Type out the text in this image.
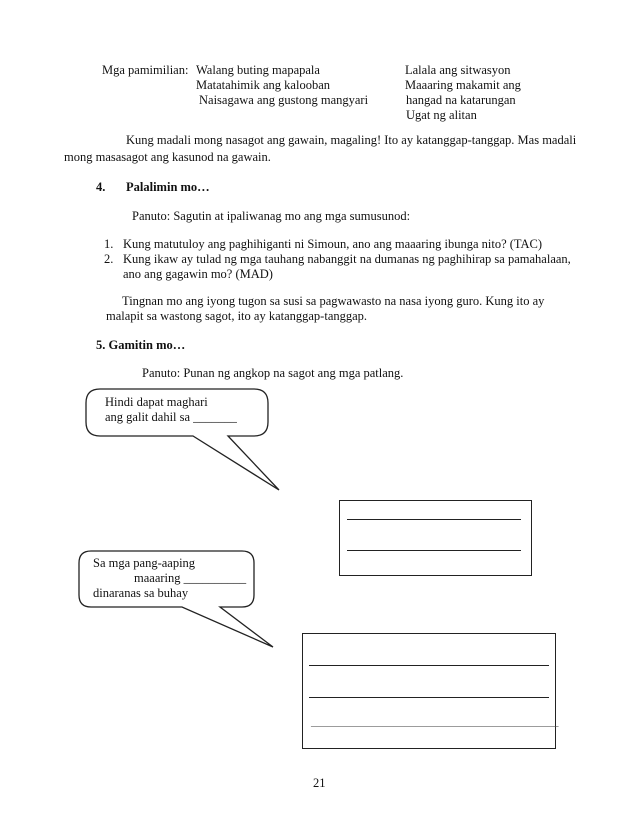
Mga pamimilian: Walang buting mapapala
Matatahimik ang kalooban
Naisagawa ang gustong mangyari
Lalala ang sitwasyon
Maaaring makamit ang
hangad na katarungan
Ugat ng alitan
Kung madali mong nasagot ang gawain, magaling! Ito ay katanggap-tanggap. Mas madali
mong masasagot ang kasunod na gawain.
4. Palalimin mo…
Panuto: Sagutin at ipaliwanag mo ang mga sumusunod:
1. Kung matutuloy ang paghihiganti ni Simoun, ano ang maaaring ibunga nito? (TAC)
2. Kung ikaw ay tulad ng mga tauhang nabanggit na dumanas ng paghihirap sa pamahalaan,
ano ang gagawin mo? (MAD)
Tingnan mo ang iyong tugon sa susi sa pagwawasto na nasa iyong guro. Kung ito ay
malapit sa wastong sagot, ito ay katanggap-tanggap.
5. Gamitin mo…
Panuto: Punan ng angkop na sagot ang mga patlang.
Hindi dapat maghari
ang galit dahil sa _______
Sa mga pang-aaping
maaaring __________
dinaranas sa buhay
_____________________________________________
21
